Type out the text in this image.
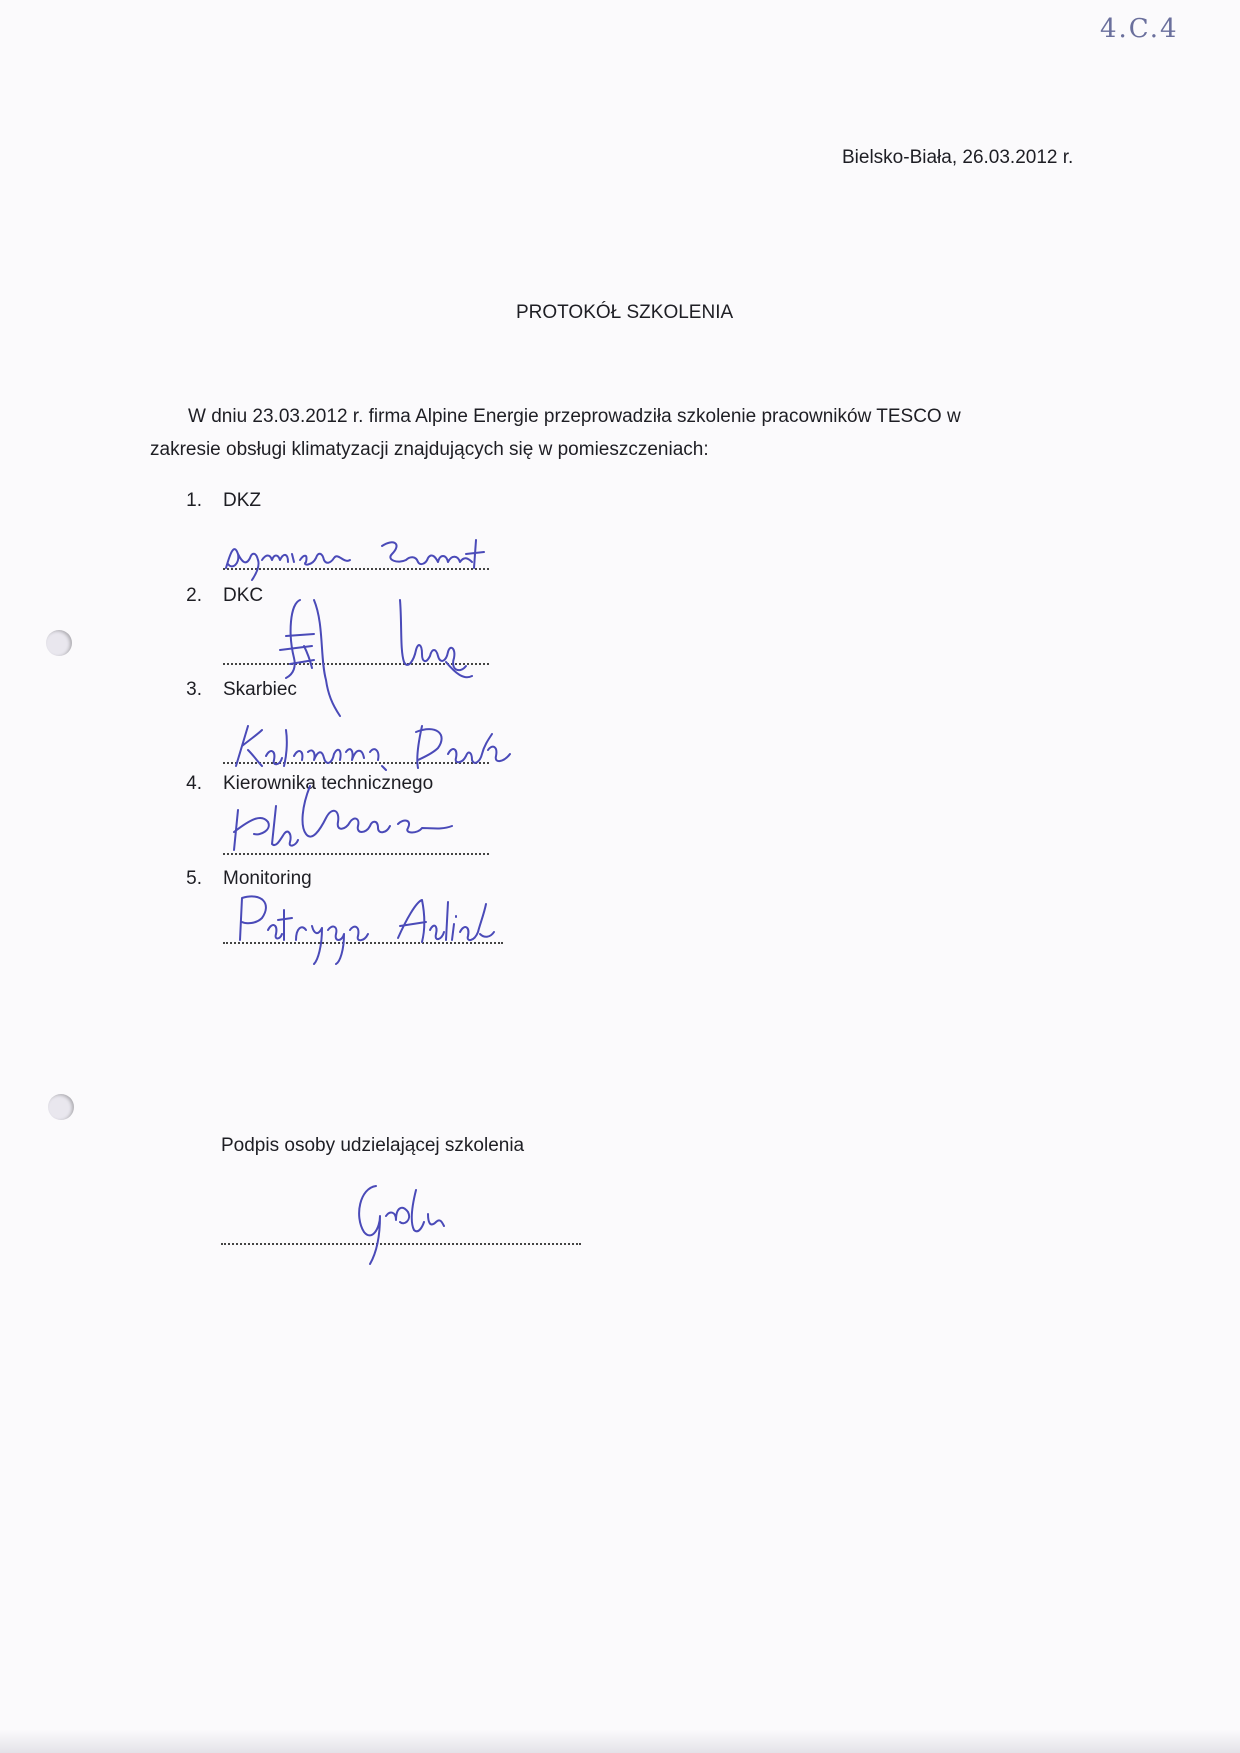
4.C.4
Bielsko-Biała, 26.03.2012 r.
PROTOKÓŁ SZKOLENIA
W dniu 23.03.2012 r. firma Alpine Energie przeprowadziła szkolenie pracowników TESCO w
zakresie obsługi klimatyzacji znajdujących się w pomieszczeniach:
1. DKZ
2. DKC
3. Skarbiec
4. Kierownika technicznego
5. Monitoring
Podpis osoby udzielającej szkolenia
